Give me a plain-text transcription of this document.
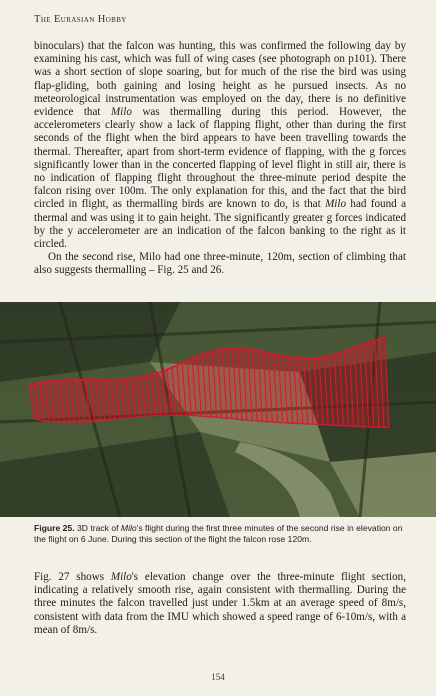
The Eurasian Hobby

binoculars) that the falcon was hunting, this was confirmed the following day by examining his cast, which was full of wing cases (see photograph on p101). There was a short section of slope soaring, but for much of the rise the bird was using flap-gliding, both gaining and losing height as he pursued insects. As no meteorological instrumentation was employed on the day, there is no definitive evidence that Milo was thermalling during this period. However, the accelerometers clearly show a lack of flapping flight, other than during the first seconds of the flight when the bird appears to have been travelling towards the thermal. Thereafter, apart from short-term evidence of flapping, with the g forces significantly lower than in the concerted flapping of level flight in still air, there is no indication of flapping flight throughout the three-minute period despite the falcon rising over 100m. The only explanation for this, and the fact that the bird circled in flight, as thermalling birds are known to do, is that Milo had found a thermal and was using it to gain height. The significantly greater g forces indicated by the y accelerometer are an indication of the falcon banking to the right as it circled.

On the second rise, Milo had one three-minute, 120m, section of climbing that also suggests thermalling – Fig. 25 and 26.

Figure 25. 3D track of Milo's flight during the first three minutes of the second rise in elevation on the flight on 6 June. During this section of the flight the falcon rose 120m.

Fig. 27 shows Milo's elevation change over the three-minute flight section, indicating a relatively smooth rise, again consistent with thermalling. During the three minutes the falcon travelled just under 1.5km at an average speed of 8m/s, consistent with data from the IMU which showed a speed range of 6-10m/s, with a mean of 8m/s.

154
